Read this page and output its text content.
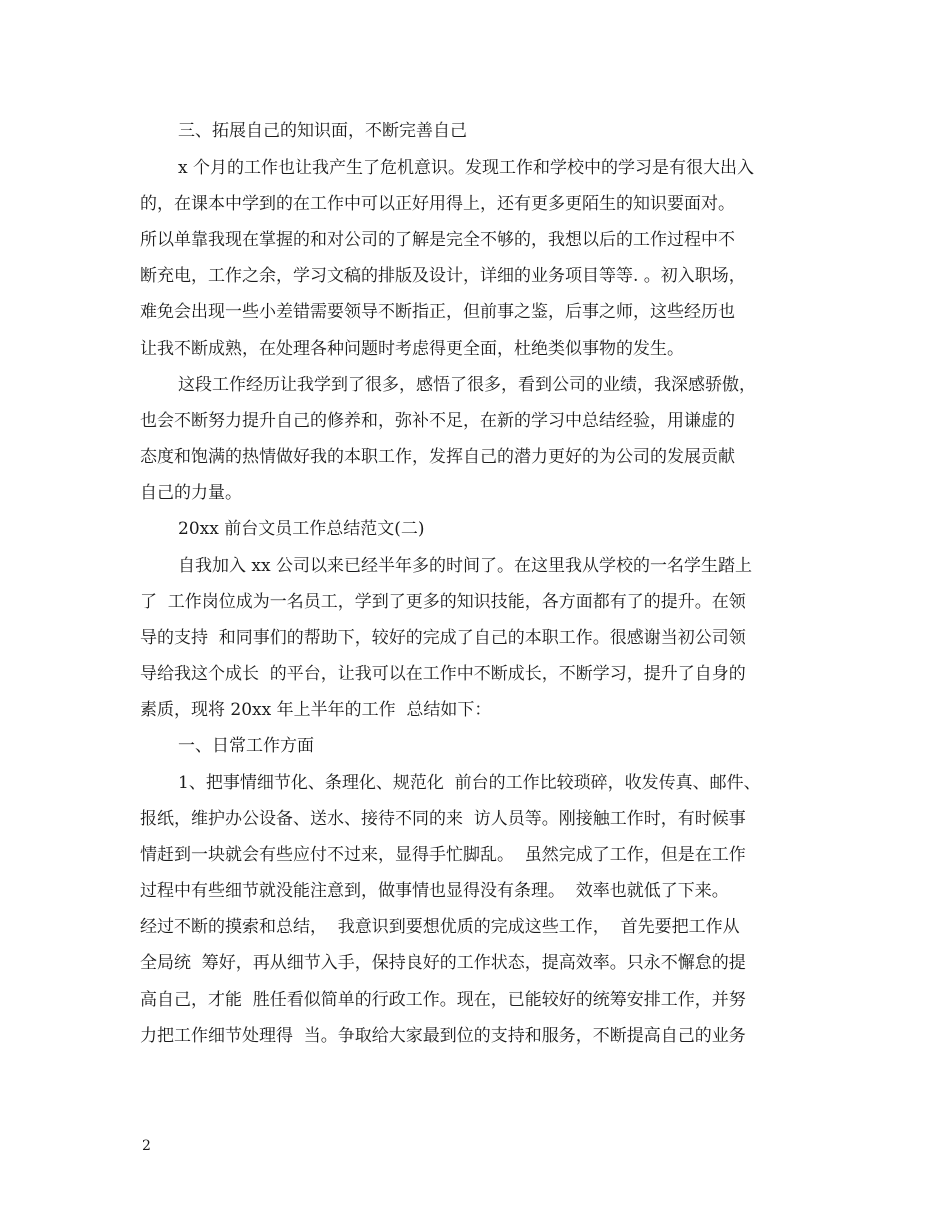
三、拓展自己的知识面，不断完善自己
x 个月的工作也让我产生了危机意识。发现工作和学校中的学习是有很大出入
的，在课本中学到的在工作中可以正好用得上，还有更多更陌生的知识要面对。
所以单靠我现在掌握的和对公司的了解是完全不够的，我想以后的工作过程中不
断充电，工作之余，学习文稿的排版及设计，详细的业务项目等等. 。初入职场，
难免会出现一些小差错需要领导不断指正，但前事之鉴，后事之师，这些经历也
让我不断成熟，在处理各种问题时考虑得更全面，杜绝类似事物的发生。
这段工作经历让我学到了很多，感悟了很多，看到公司的业绩，我深感骄傲，
也会不断努力提升自己的修养和，弥补不足，在新的学习中总结经验，用谦虚的
态度和饱满的热情做好我的本职工作，发挥自己的潜力更好的为公司的发展贡献
自己的力量。
20xx 前台文员工作总结范文(二)
自我加入 xx 公司以来已经半年多的时间了。在这里我从学校的一名学生踏上
了  工作岗位成为一名员工，学到了更多的知识技能，各方面都有了的提升。在领
导的支持  和同事们的帮助下，较好的完成了自己的本职工作。很感谢当初公司领
导给我这个成长  的平台，让我可以在工作中不断成长，不断学习，提升了自身的
素质，现将 20xx 年上半年的工作  总结如下：
一、日常工作方面
1、把事情细节化、条理化、规范化  前台的工作比较琐碎，收发传真、邮件、
报纸，维护办公设备、送水、接待不同的来  访人员等。刚接触工作时，有时候事
情赶到一块就会有些应付不过来，显得手忙脚乱。  虽然完成了工作，但是在工作
过程中有些细节就没能注意到，做事情也显得没有条理。  效率也就低了下来。
经过不断的摸索和总结，  我意识到要想优质的完成这些工作，  首先要把工作从
全局统  筹好，再从细节入手，保持良好的工作状态，提高效率。只永不懈怠的提
高自己，才能  胜任看似简单的行政工作。现在，已能较好的统筹安排工作，并努
力把工作细节处理得  当。争取给大家最到位的支持和服务，不断提高自己的业务
2
